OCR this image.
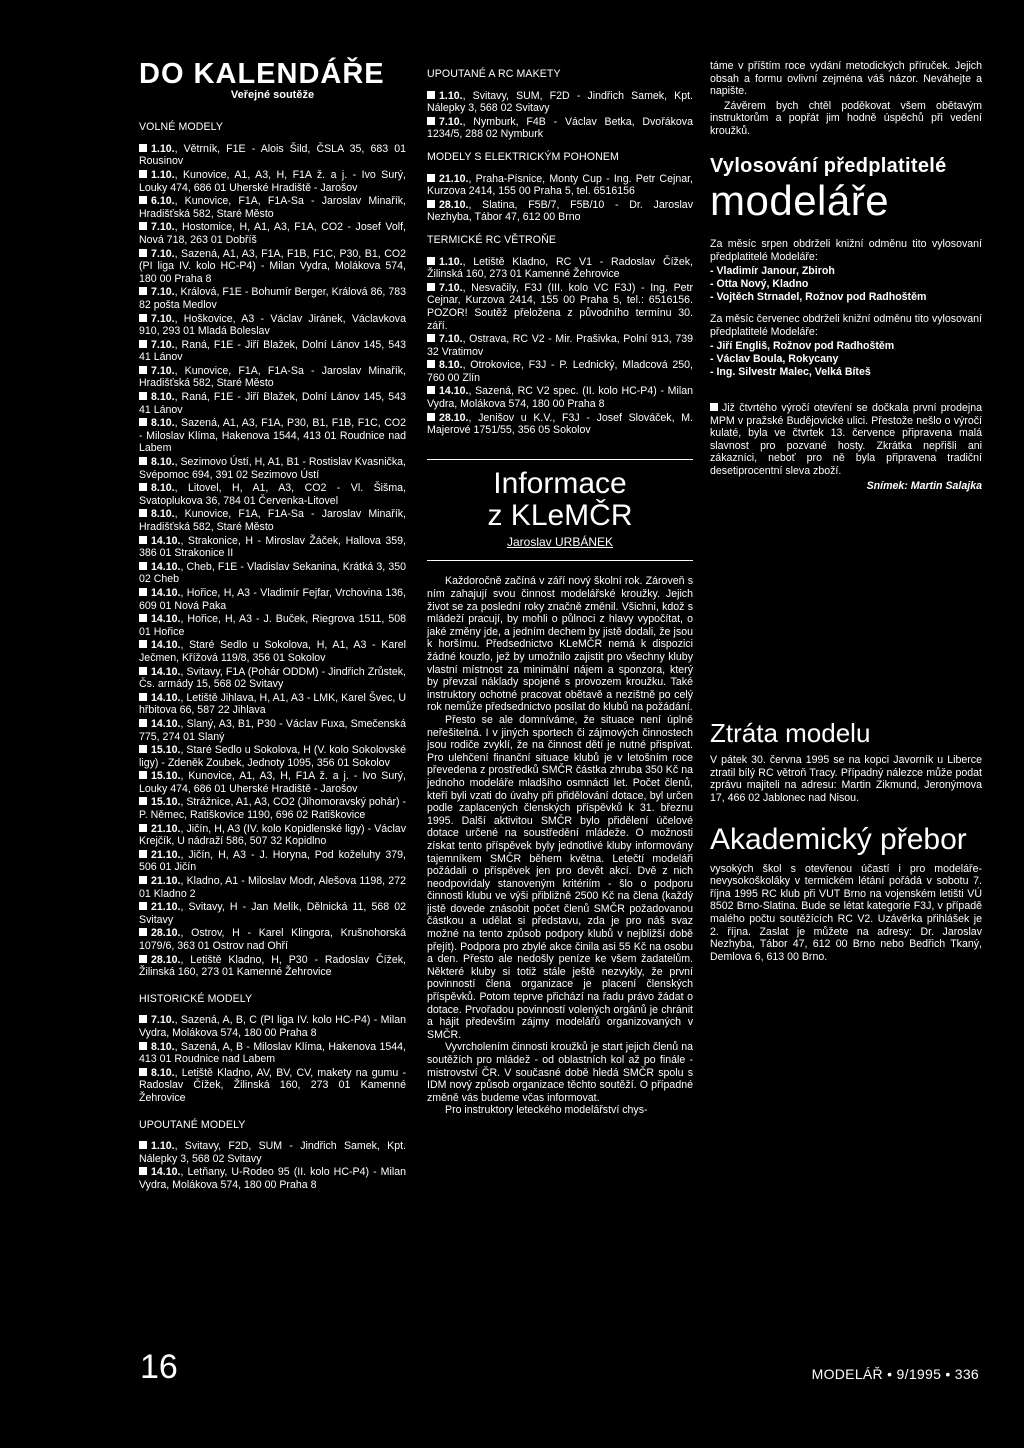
DO KALENDÁŘE
Veřejné soutěže
VOLNÉ MODELY

1.10., Větrník, F1E - Alois Šild, ČSLA 35, 683 01 Rousinov

1.10., Kunovice, A1, A3, H, F1A ž. a j. - Ivo Surý, Louky 474, 686 01 Uherské Hradiště - Jarošov

6.10., Kunovice, F1A, F1A-Sa - Jaroslav Minařík, Hradišťská 582, Staré Město

7.10., Hostomice, H, A1, A3, F1A, CO2 - Josef Volf, Nová 718, 263 01 Dobříš

7.10., Sazená, A1, A3, F1A, F1B, F1C, P30, B1, CO2 (PI liga IV. kolo HC-P4) - Milan Vydra, Molákova 574, 180 00 Praha 8

7.10., Králová, F1E - Bohumír Berger, Králová 86, 783 82 pošta Medlov

7.10., Hoškovice, A3 - Václav Jiránek, Václavkova 910, 293 01 Mladá Boleslav

7.10., Raná, F1E - Jiří Blažek, Dolní Lánov 145, 543 41 Lánov

7.10., Kunovice, F1A, F1A-Sa - Jaroslav Minařík, Hradišťská 582, Staré Město

8.10., Raná, F1E - Jiří Blažek, Dolní Lánov 145, 543 41 Lánov

8.10., Sazená, A1, A3, F1A, P30, B1, F1B, F1C, CO2 - Miloslav Klíma, Hakenova 1544, 413 01 Roudnice nad Labem

8.10., Sezimovo Ústí, H, A1, B1 - Rostislav Kvasnička, Svépomoc 694, 391 02 Sezimovo Ústí

8.10., Litovel, H, A1, A3, CO2 - Vl. Šišma, Svatoplukova 36, 784 01 Červenka-Litovel

8.10., Kunovice, F1A, F1A-Sa - Jaroslav Minařík, Hradišťská 582, Staré Město

14.10., Strakonice, H - Miroslav Žáček, Hallova 359, 386 01 Strakonice II

14.10., Cheb, F1E - Vladislav Sekanina, Krátká 3, 350 02 Cheb

14.10., Hořice, H, A3 - Vladimír Fejfar, Vrchovina 136, 609 01 Nová Paka

14.10., Hořice, H, A3 - J. Buček, Riegrova 1511, 508 01 Hořice

14.10., Staré Sedlo u Sokolova, H, A1, A3 - Karel Ječmen, Křížová 119/8, 356 01 Sokolov

14.10., Svitavy, F1A (Pohár ODDM) - Jindřich Zrůstek, Čs. armády 15, 568 02 Svitavy

14.10., Letiště Jihlava, H, A1, A3 - LMK, Karel Švec, U hřbitova 66, 587 22 Jihlava

14.10., Slaný, A3, B1, P30 - Václav Fuxa, Smečenská 775, 274 01 Slaný

15.10., Staré Sedlo u Sokolova, H (V. kolo Sokolovské ligy) - Zdeněk Zoubek, Jednoty 1095, 356 01 Sokolov

15.10., Kunovice, A1, A3, H, F1A ž. a j. - Ivo Surý, Louky 474, 686 01 Uherské Hradiště - Jarošov

15.10., Strážnice, A1, A3, CO2 (Jihomoravský pohár) - P. Němec, Ratiškovice 1190, 696 02 Ratiškovice

21.10., Jičín, H, A3 (IV. kolo Kopidlenské ligy) - Václav Krejčík, U nádraží 586, 507 32 Kopidlno

21.10., Jičín, H, A3 - J. Horyna, Pod koželuhy 379, 506 01 Jičín

21.10., Kladno, A1 - Miloslav Modr, Alešova 1198, 272 01 Kladno 2

21.10., Svitavy, H - Jan Melík, Dělnická 11, 568 02 Svitavy

28.10., Ostrov, H - Karel Klingora, Krušnohorská 1079/6, 363 01 Ostrov nad Ohří

28.10., Letiště Kladno, H, P30 - Radoslav Čížek, Žilinská 160, 273 01 Kamenné Žehrovice

HISTORICKÉ MODELY

7.10., Sazená, A, B, C (PI liga IV. kolo HC-P4) - Milan Vydra, Molákova 574, 180 00 Praha 8

8.10., Sazená, A, B - Miloslav Klíma, Hakenova 1544, 413 01 Roudnice nad Labem

8.10., Letiště Kladno, AV, BV, CV, makety na gumu - Radoslav Čížek, Žilinská 160, 273 01 Kamenné Žehrovice

UPOUTANÉ MODELY

1.10., Svitavy, F2D, SUM - Jindřich Samek, Kpt. Nálepky 3, 568 02 Svitavy

14.10., Letňany, U-Rodeo 95 (II. kolo HC-P4) - Milan Vydra, Molákova 574, 180 00 Praha 8

UPOUTANÉ A RC MAKETY

1.10., Svitavy, SUM, F2D - Jindřich Samek, Kpt. Nálepky 3, 568 02 Svitavy

7.10., Nymburk, F4B - Václav Betka, Dvořákova 1234/5, 288 02 Nymburk

MODELY S ELEKTRICKÝM POHONEM

21.10., Praha-Písnice, Monty Cup - Ing. Petr Cejnar, Kurzova 2414, 155 00 Praha 5, tel. 6516156

28.10., Slatina, F5B/7, F5B/10 - Dr. Jaroslav Nezhyba, Tábor 47, 612 00 Brno

TERMICKÉ RC VĚTROŇE

1.10., Letiště Kladno, RC V1 - Radoslav Čížek, Žilinská 160, 273 01 Kamenné Žehrovice

7.10., Nesvačily, F3J (III. kolo VC F3J) - Ing. Petr Cejnar, Kurzova 2414, 155 00 Praha 5, tel.: 6516156. POZOR! Soutěž přeložena z původního termínu 30. září.

7.10., Ostrava, RC V2 - Mir. Prašivka, Polní 913, 739 32 Vratimov

8.10., Otrokovice, F3J - P. Lednický, Mladcová 250, 760 00 Zlín

14.10., Sazená, RC V2 spec. (II. kolo HC-P4) - Milan Vydra, Molákova 574, 180 00 Praha 8

28.10., Jenišov u K.V., F3J - Josef Slováček, M. Majerové 1751/55, 356 05 Sokolov

Informace
z KLeMČR
Jaroslav URBÁNEK

Každoročně začíná v září nový školní rok. Zároveň s ním zahajují svou činnost modelářské kroužky. Jejich život se za poslední roky značně změnil. Všichni, kdož s mládeží pracují, by mohli o půlnoci z hlavy vypočítat, o jaké změny jde, a jedním dechem by jistě dodali, že jsou k horšímu. Předsednictvo KLeMČR nemá k dispozici žádné kouzlo, jež by umožnilo zajistit pro všechny kluby vlastní místnost za minimální nájem a sponzora, který by převzal náklady spojené s provozem kroužku. Také instruktory ochotné pracovat obětavě a nezištně po celý rok nemůže předsednictvo posílat do klubů na požádání.

Přesto se ale domníváme, že situace není úplně neřešitelná. I v jiných sportech či zájmových činnostech jsou rodiče zvyklí, že na činnost dětí je nutné přispívat. Pro ulehčení finanční situace klubů je v letošním roce převedena z prostředků SMČR částka zhruba 350 Kč na jednoho modeláře mladšího osmnácti let. Počet členů, kteří byli vzati do úvahy při přidělování dotace, byl určen podle zaplacených členských příspěvků k 31. březnu 1995. Další aktivitou SMČR bylo přidělení účelové dotace určené na soustředění mládeže. O možnosti získat tento příspěvek byly jednotlivé kluby informovány tajemníkem SMČR během května. Letečtí modeláři požádali o příspěvek jen pro devět akcí. Dvě z nich neodpovídaly stanoveným kritériím - šlo o podporu činnosti klubu ve výši přibližně 2500 Kč na člena (každý jistě dovede znásobit počet členů SMČR požadovanou částkou a udělat si představu, zda je pro náš svaz možné na tento způsob podpory klubů v nejbližší době přejít). Podpora pro zbylé akce činila asi 55 Kč na osobu a den. Přesto ale nedošly peníze ke všem žadatelům. Některé kluby si totiž stále ještě nezvykly, že první povinností člena organizace je placení členských příspěvků. Potom teprve přichází na řadu právo žádat o dotace. Prvořadou povinností volených orgánů je chránit a hájit především zájmy modelářů organizovaných v SMČR.

Vyvrcholením činnosti kroužků je start jejich členů na soutěžích pro mládež - od oblastních kol až po finále - mistrovství ČR. V současné době hledá SMČR spolu s IDM nový způsob organizace těchto soutěží. O případné změně vás budeme včas informovat.

Pro instruktory leteckého modelářství chys-

táme v příštím roce vydání metodických příruček. Jejich obsah a formu ovlivní zejména váš názor. Neváhejte a napište.

Závěrem bych chtěl poděkovat všem obětavým instruktorům a popřát jim hodně úspěchů při vedení kroužků.

Vylosování předplatitelé
modeláře

Za měsíc srpen obdrželi knižní odměnu tito vylosovaní předplatitelé Modeláře:

- Vladimír Janour, Zbiroh

- Otta Nový, Kladno

- Vojtěch Strnadel, Rožnov pod Radhoštěm

Za měsíc červenec obdrželi knižní odměnu tito vylosovaní předplatitelé Modeláře:

- Jiří Engliš, Rožnov pod Radhoštěm

- Václav Boula, Rokycany

- Ing. Silvestr Malec, Velká Bíteš

Již čtvrtého výročí otevření se dočkala první prodejna MPM v pražské Budějovické ulici. Přestože nešlo o výročí kulaté, byla ve čtvrtek 13. července připravena malá slavnost pro pozvané hosty. Zkrátka nepřišli ani zákazníci, neboť pro ně byla připravena tradiční desetiprocentní sleva zboží.

Snímek: Martin Salajka
Ztráta modelu

V pátek 30. června 1995 se na kopci Javorník u Liberce ztratil bílý RC větroň Tracy. Případný nálezce může podat zprávu majiteli na adresu: Martin Zikmund, Jeronýmova 17, 466 02 Jablonec nad Nisou.

Akademický přebor

vysokých škol s otevřenou účastí i pro modeláře-nevysokoškoláky v termickém létání pořádá v sobotu 7. října 1995 RC klub při VUT Brno na vojenském letišti VÚ 8502 Brno-Slatina. Bude se létat kategorie F3J, v případě malého počtu soutěžících RC V2. Uzávěrka přihlášek je 2. října. Zaslat je můžete na adresy: Dr. Jaroslav Nezhyba, Tábor 47, 612 00 Brno nebo Bedřich Tkaný, Demlova 6, 613 00 Brno.

16	MODELÁŘ • 9/1995 • 336
